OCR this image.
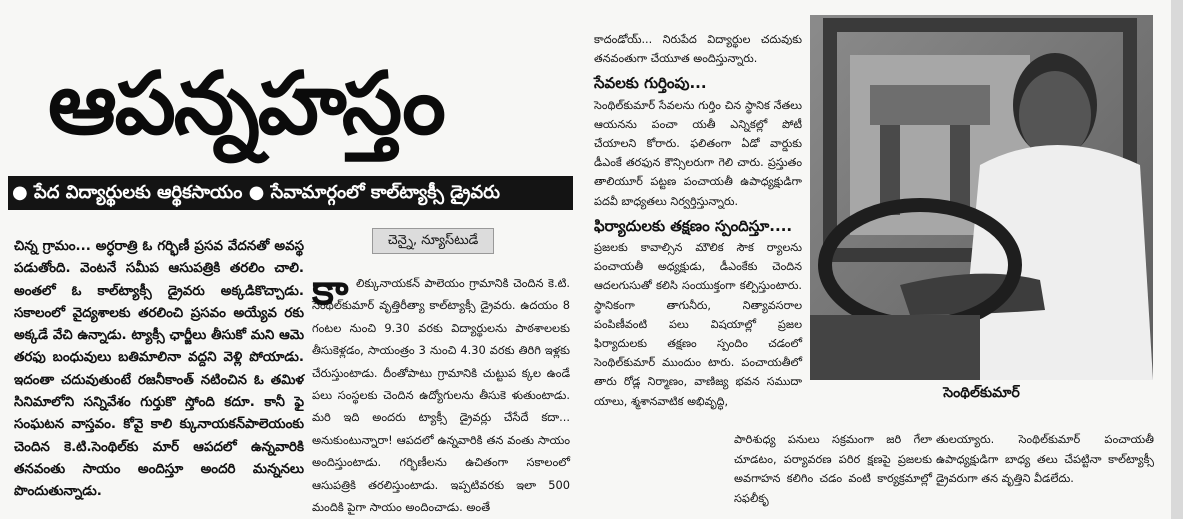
ఆపన్నహస్తం
● పేద విద్యార్థులకు ఆర్థికసాయం ● సేవామార్గంలో కాల్‌ట్యాక్సీ డ్రైవరు
చెన్నై, న్యూస్‌టుడే
చిన్న గ్రామం... అర్ధరాత్రి ఓ గర్భిణీ ప్రసవ వేదనతో అవస్థ పడుతోంది. వెంటనే సమీప ఆసుపత్రికి తరలిం చాలి. అంతలో ఓ కాల్‌ట్యాక్సీ డ్రైవరు అక్కడికొచ్చాడు. సకాలంలో వైద్యశాలకు తరలించి ప్రసవం అయ్యేవ రకు అక్కడే వేచి ఉన్నాడు. ట్యాక్సీ ఛార్జీలు తీసుకో మని ఆమె తరఫు బంధువులు బతిమాలినా వద్దని వెళ్లి పోయాడు. ఇదంతా చదువుతుంటే రజనీకాంత్ నటించిన ఓ తమిళ సినిమాలోని సన్నివేశం గుర్తుకొ స్తోంది కదూ. కానీ ఫై సంఘటన వాస్తవం. కోవై కాలి క్కునాయకన్‌పాలెయంకు చెందిన కె.టి.సెంథిల్‌కు మార్ ఆపదలో ఉన్నవారికి తనవంతు సాయం అందిస్తూ అందరి మన్ననలు పొందుతున్నాడు.
కా లిక్కునాయకన్ పాలెయం గ్రామానికి చెందిన కె.టి. సెంథిల్‌కుమార్ వృత్తిరీత్యా కాల్‌ట్యాక్సీ డ్రైవరు. ఉదయం 8 గంటల నుంచి 9.30 వరకు విద్యార్థులను పాఠశాలలకు తీసుకెళ్లడం, సాయంత్రం 3 నుంచి 4.30 వరకు తిరిగి ఇళ్లకు చేరుస్తుంటాడు. దీంతోపాటు గ్రామానికి చుట్టుప క్కల ఉండే పలు సంస్థలకు చెందిన ఉద్యోగులను తీసుకె ళుతుంటాడు. మరి ఇది అందరు ట్యాక్సీ డ్రైవర్లు చేసేదే కదా... అనుకుంటున్నారా! ఆపదలో ఉన్నవారికి తన వంతు సాయం అందిస్తుంటాడు. గర్భిణీలను ఉచితంగా సకాలంలో ఆసుపత్రికి తరలిస్తుంటాడు. ఇప్పటివరకు ఇలా 500 మందికి పైగా సాయం అందించాడు. అంతే

కాదండోయ్... నిరుపేద విద్యార్థుల చదువుకు తనవంతుగా చేయూత అందిస్తున్నారు.

సేవలకు గుర్తింపు...

సెంథిల్‌కుమార్ సేవలను గుర్తిం చిన స్థానిక నేతలు ఆయనను పంచా యతీ ఎన్నికల్లో పోటీ చేయాలని కోరారు. ఫలితంగా ఏడో వార్డుకు డీఎంకే తరఫున కౌన్సిలరుగా గెలి చారు. ప్రస్తుతం తాలియూర్ పట్టణ పంచాయతీ ఉపాధ్యక్షుడిగా పదవీ బాధ్యతలు నిర్వర్తిస్తున్నారు.

ఫిర్యాదులకు తక్షణం స్పందిస్తూ....

ప్రజలకు కావాల్సిన మౌలిక సౌక ర్యాలను పంచాయతీ అధ్యక్షుడు, డీఎంకేకు చెందిన ఆదలగుసుతో కలిసి సంయుక్తంగా కల్పిస్తుంటారు. స్థానికంగా తాగునీరు, నిత్యావసరాల పంపిణీవంటి పలు విషయాల్లో ప్రజల ఫిర్యాదులకు తక్షణం స్పందిం చడంలో సెంథిల్‌కుమార్ ముందుం టారు. పంచాయతీలో తారు రోడ్ల నిర్మాణం, వాణిజ్య భవన సముదా యాలు, శ్మశానవాటిక అభివృద్ధి,

సెంథిల్‌కుమార్
పారిశుధ్య పనులు సక్రమంగా జరి గేలా చూడటం, పర్యావరణ పరిర క్షణపై ప్రజలకు అవగాహన కలిగిం చడం వంటి కార్యక్రమాల్లో సఫలీకృ
తులయ్యారు. సెంథిల్‌కుమార్ పంచాయతీ ఉపాధ్యక్షుడిగా బాధ్య తలు చేపట్టినా కాల్‌ట్యాక్సీ డ్రైవరుగా తన వృత్తిని వీడలేదు.
